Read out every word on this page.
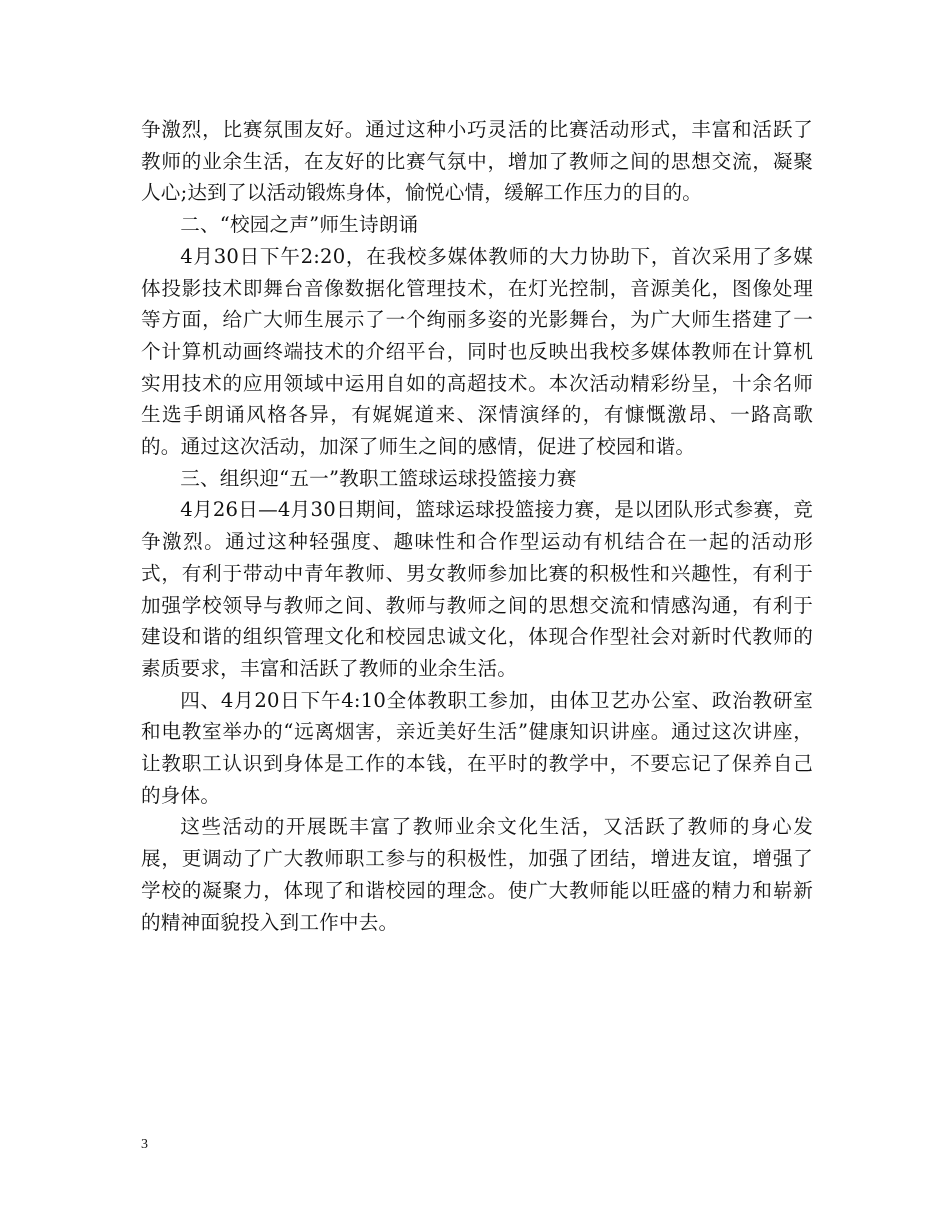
争激烈，比赛氛围友好。通过这种小巧灵活的比赛活动形式，丰富和活跃了教师的业余生活，在友好的比赛气氛中，增加了教师之间的思想交流，凝聚人心;达到了以活动锻炼身体，愉悦心情，缓解工作压力的目的。

二、“校园之声”师生诗朗诵

4月30日下午2:20，在我校多媒体教师的大力协助下，首次采用了多媒体投影技术即舞台音像数据化管理技术，在灯光控制，音源美化，图像处理等方面，给广大师生展示了一个绚丽多姿的光影舞台，为广大师生搭建了一个计算机动画终端技术的介绍平台，同时也反映出我校多媒体教师在计算机实用技术的应用领域中运用自如的高超技术。本次活动精彩纷呈，十余名师生选手朗诵风格各异，有娓娓道来、深情演绎的，有慷慨激昂、一路高歌的。通过这次活动，加深了师生之间的感情，促进了校园和谐。

三、组织迎“五一”教职工篮球运球投篮接力赛

4月26日—4月30日期间，篮球运球投篮接力赛，是以团队形式参赛，竞争激烈。通过这种轻强度、趣味性和合作型运动有机结合在一起的活动形式，有利于带动中青年教师、男女教师参加比赛的积极性和兴趣性，有利于加强学校领导与教师之间、教师与教师之间的思想交流和情感沟通，有利于建设和谐的组织管理文化和校园忠诚文化，体现合作型社会对新时代教师的素质要求，丰富和活跃了教师的业余生活。

四、4月20日下午4:10全体教职工参加，由体卫艺办公室、政治教研室和电教室举办的“远离烟害，亲近美好生活”健康知识讲座。通过这次讲座，让教职工认识到身体是工作的本钱，在平时的教学中，不要忘记了保养自己的身体。

这些活动的开展既丰富了教师业余文化生活，又活跃了教师的身心发展，更调动了广大教师职工参与的积极性，加强了团结，增进友谊，增强了学校的凝聚力，体现了和谐校园的理念。使广大教师能以旺盛的精力和崭新的精神面貌投入到工作中去。

3
